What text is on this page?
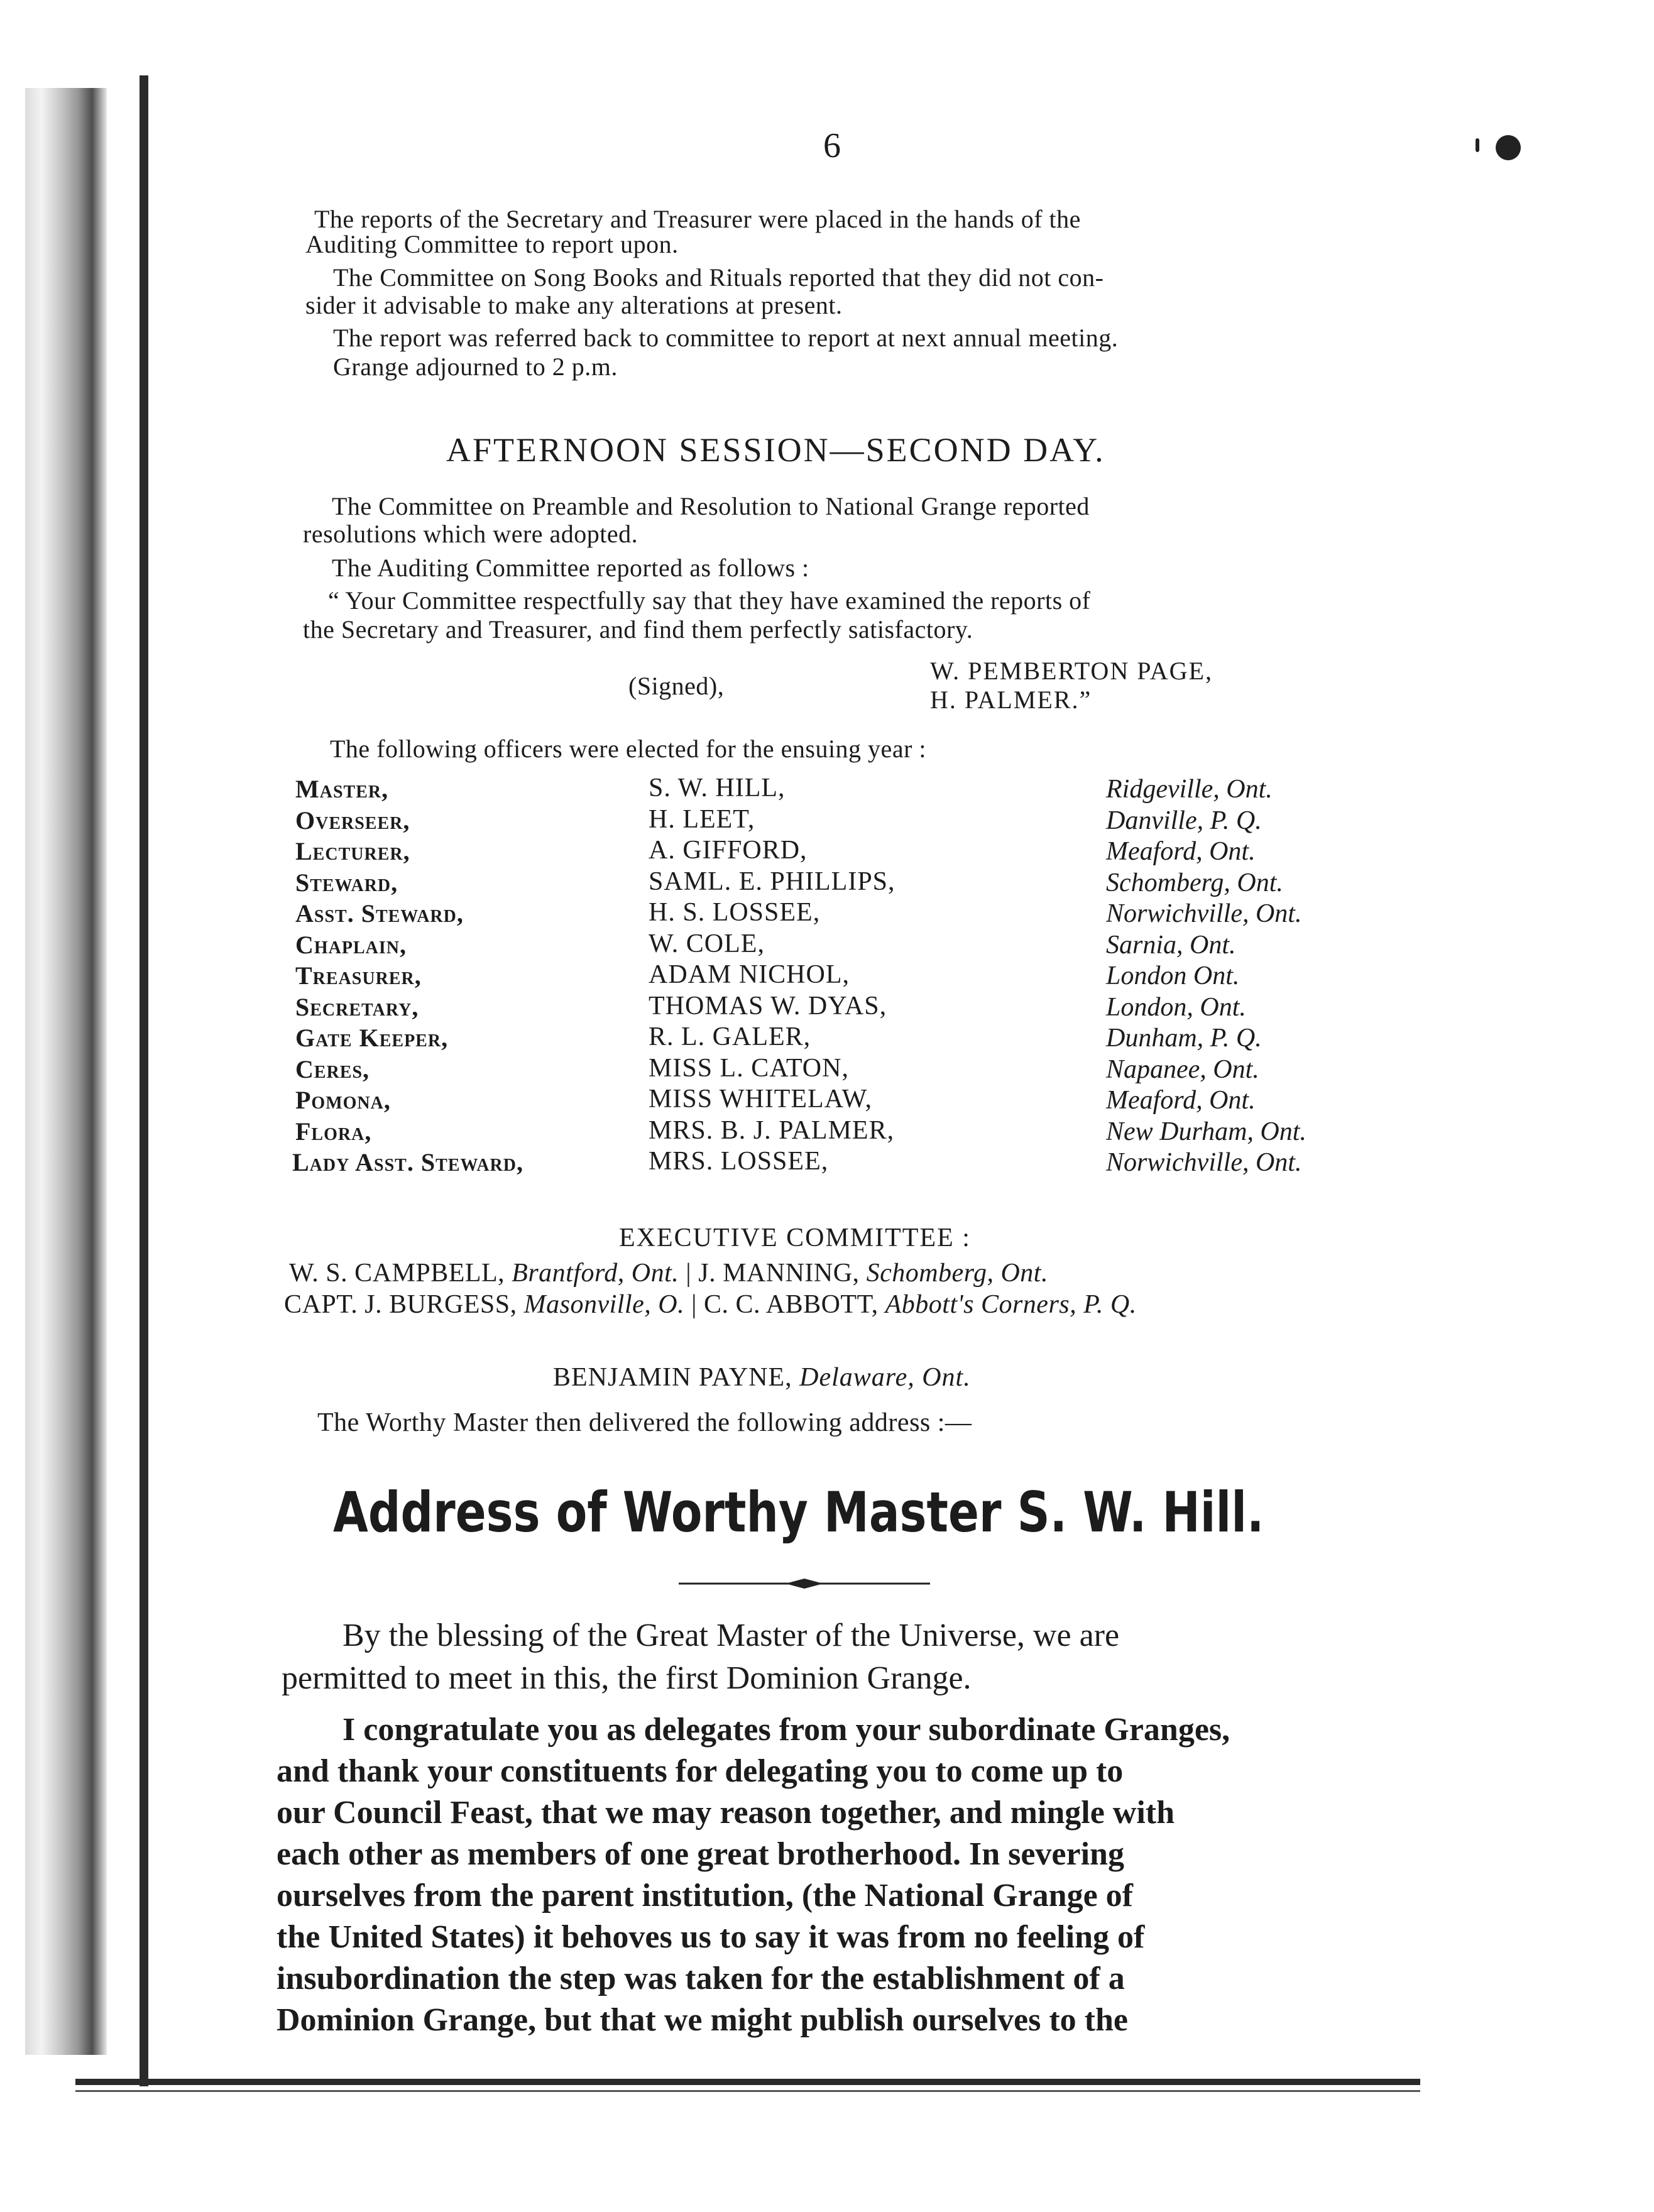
6
The reports of the Secretary and Treasurer were placed in the hands of the
Auditing Committee to report upon.
The Committee on Song Books and Rituals reported that they did not con-
sider it advisable to make any alterations at present.
The report was referred back to committee to report at next annual meeting.
Grange adjourned to 2 p.m.
AFTERNOON SESSION—SECOND DAY.
The Committee on Preamble and Resolution to National Grange reported
resolutions which were adopted.
The Auditing Committee reported as follows :
“ Your Committee respectfully say that they have examined the reports of
the Secretary and Treasurer, and find them perfectly satisfactory.
(Signed),
W. PEMBERTON PAGE,
H. PALMER.”
The following officers were elected for the ensuing year :
Master,	S. W. HILL,	Ridgeville, Ont.
Overseer,	H. LEET,	Danville, P. Q.
Lecturer,	A. GIFFORD,	Meaford, Ont.
Steward,	SAML. E. PHILLIPS,	Schomberg, Ont.
Asst. Steward,	H. S. LOSSEE,	Norwichville, Ont.
Chaplain,	W. COLE,	Sarnia, Ont.
Treasurer,	ADAM NICHOL,	London Ont.
Secretary,	THOMAS W. DYAS,	London, Ont.
Gate Keeper,	R. L. GALER,	Dunham, P. Q.
Ceres,	MISS L. CATON,	Napanee, Ont.
Pomona,	MISS WHITELAW,	Meaford, Ont.
Flora,	MRS. B. J. PALMER,	New Durham, Ont.
Lady Asst. Steward,	MRS. LOSSEE,	Norwichville, Ont.
EXECUTIVE COMMITTEE :
W. S. CAMPBELL, Brantford, Ont. | J. MANNING, Schomberg, Ont.
CAPT. J. BURGESS, Masonville, O. | C. C. ABBOTT, Abbott's Corners, P. Q.
BENJAMIN PAYNE, Delaware, Ont.
The Worthy Master then delivered the following address :—
Address of Worthy Master S. W. Hill.
By the blessing of the Great Master of the Universe, we are
permitted to meet in this, the first Dominion Grange.
I congratulate you as delegates from your subordinate Granges,
and thank your constituents for delegating you to come up to
our Council Feast, that we may reason together, and mingle with
each other as members of one great brotherhood. In severing
ourselves from the parent institution, (the National Grange of
the United States) it behoves us to say it was from no feeling of
insubordination the step was taken for the establishment of a
Dominion Grange, but that we might publish ourselves to the
